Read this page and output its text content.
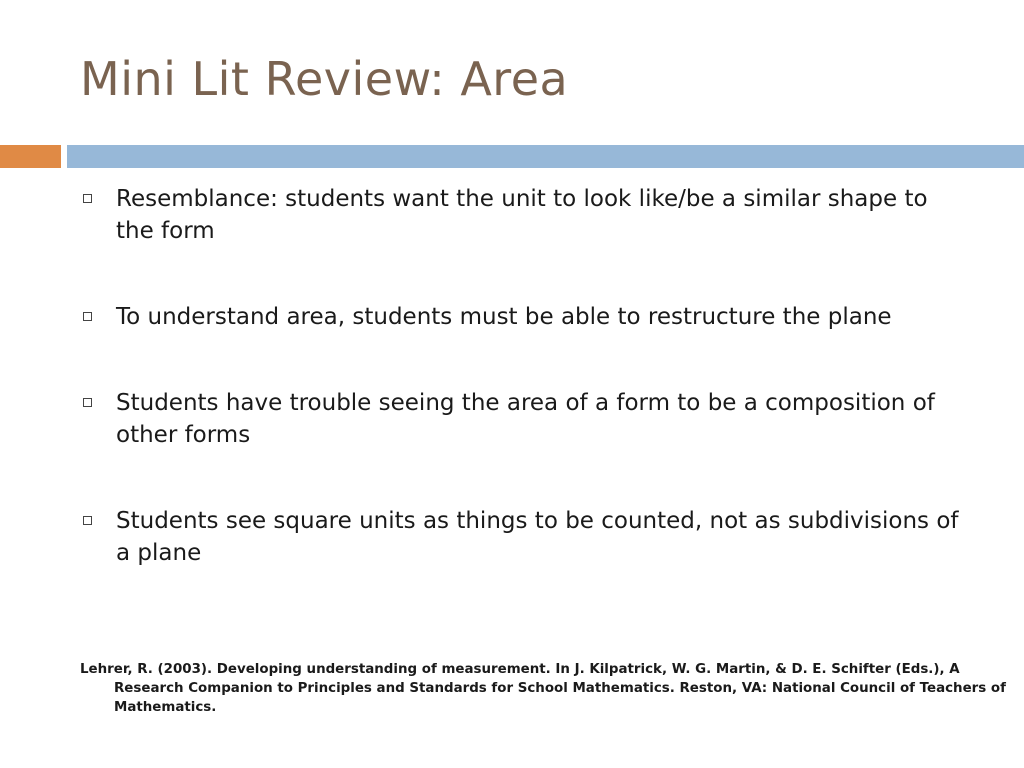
Mini Lit Review: Area
Resemblance: students want the unit to look like/be a similar shape to the form
To understand area, students must be able to restructure the plane
Students have trouble seeing the area of a form to be a composition of other forms
Students see square units as things to be counted, not as subdivisions of a plane
Lehrer, R. (2003). Developing understanding of measurement. In J. Kilpatrick, W. G. Martin, & D. E. Schifter (Eds.), A Research Companion to Principles and Standards for School Mathematics. Reston, VA: National Council of Teachers of Mathematics.
